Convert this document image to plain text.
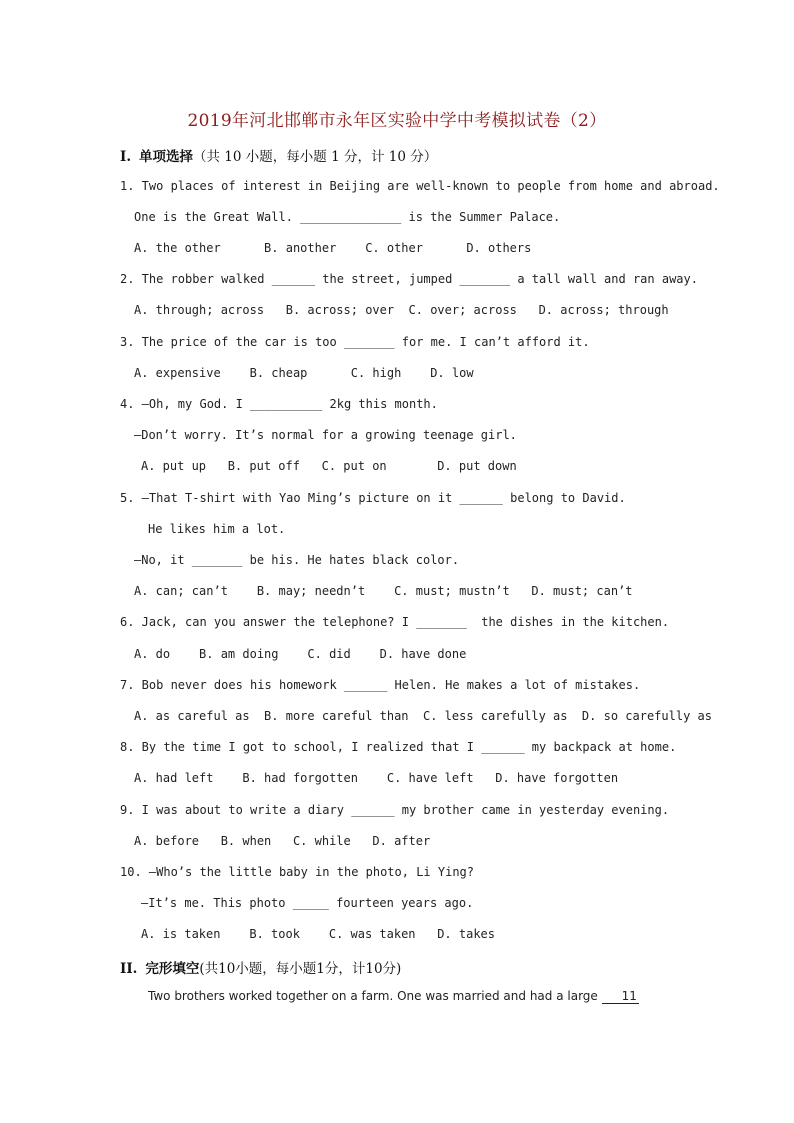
2019年河北邯郸市永年区实验中学中考模拟试卷（2）
I. 单项选择（共 10 小题，每小题 1 分，计 10 分）
1. Two places of interest in Beijing are well-known to people from home and abroad.
One is the Great Wall. ______________ is the Summer Palace.
A. the other      B. another    C. other      D. others
2. The robber walked ______ the street, jumped _______ a tall wall and ran away.
A. through; across   B. across; over  C. over; across   D. across; through
3. The price of the car is too _______ for me. I can’t afford it.
A. expensive    B. cheap      C. high    D. low
4. —Oh, my God. I __________ 2kg this month.
—Don’t worry. It’s normal for a growing teenage girl.
A. put up   B. put off   C. put on       D. put down
5. —That T-shirt with Yao Ming’s picture on it ______ belong to David.
He likes him a lot.
—No, it _______ be his. He hates black color.
A. can; can’t    B. may; needn’t    C. must; mustn’t   D. must; can’t
6. Jack, can you answer the telephone? I _______  the dishes in the kitchen.
A. do    B. am doing    C. did    D. have done
7. Bob never does his homework ______ Helen. He makes a lot of mistakes.
A. as careful as  B. more careful than  C. less carefully as  D. so carefully as
8. By the time I got to school, I realized that I ______ my backpack at home.
A. had left    B. had forgotten    C. have left   D. have forgotten
9. I was about to write a diary ______ my brother came in yesterday evening.
A. before   B. when   C. while   D. after
10. —Who’s the little baby in the photo, Li Ying?
—It’s me. This photo _____ fourteen years ago.
A. is taken    B. took    C. was taken   D. takes
II. 完形填空(共10小题，每小题1分，计10分)
Two brothers worked together on a farm. One was married and had a large 11
